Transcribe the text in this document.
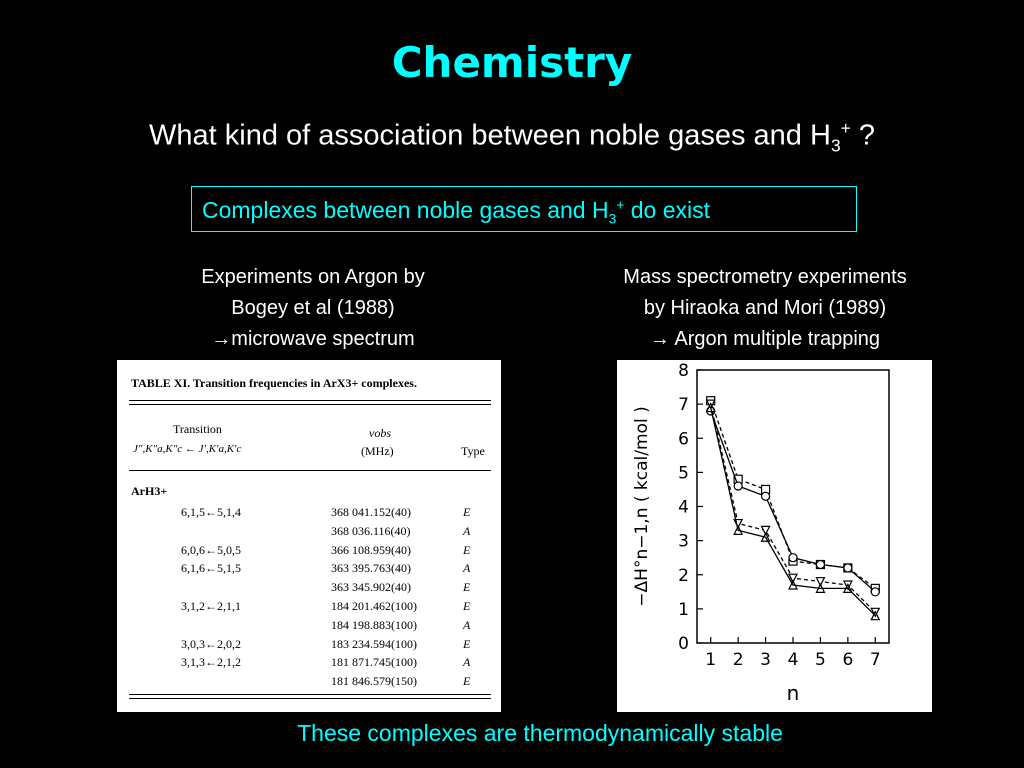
Chemistry
What kind of association between noble gases and $H_3^+$ ?
Complexes between noble gases and $H_3^+$ do exist
Experiments on Argon by
Bogey et al (1988)
→microwave spectrum
Mass spectrometry experiments
by Hiraoka and Mori (1989)
→ Argon multiple trapping
TABLE XI. Transition frequencies in ArX3+ complexes.
Transition
J″,K″a,K″c ← J′,K′a,K′c
νobs
(MHz)	Type
ArH3+
6,1,5←5,1,4	368 041.152(40)	E
368 036.116(40)	A
6,0,6←5,0,5	366 108.959(40)	E
6,1,6←5,1,5	363 395.763(40)	A
363 345.902(40)	E
3,1,2←2,1,1	184 201.462(100)	E
184 198.883(100)	A
3,0,3←2,0,2	183 234.594(100)	E
3,1,3←2,1,2	181 871.745(100)	A
181 846.579(150)	E
0
1
2
3
4
5
6
7
8
1 2 3 4 5 6 7
n
−ΔH°n−1,n ( kcal/mol )
These complexes are thermodynamically stable
